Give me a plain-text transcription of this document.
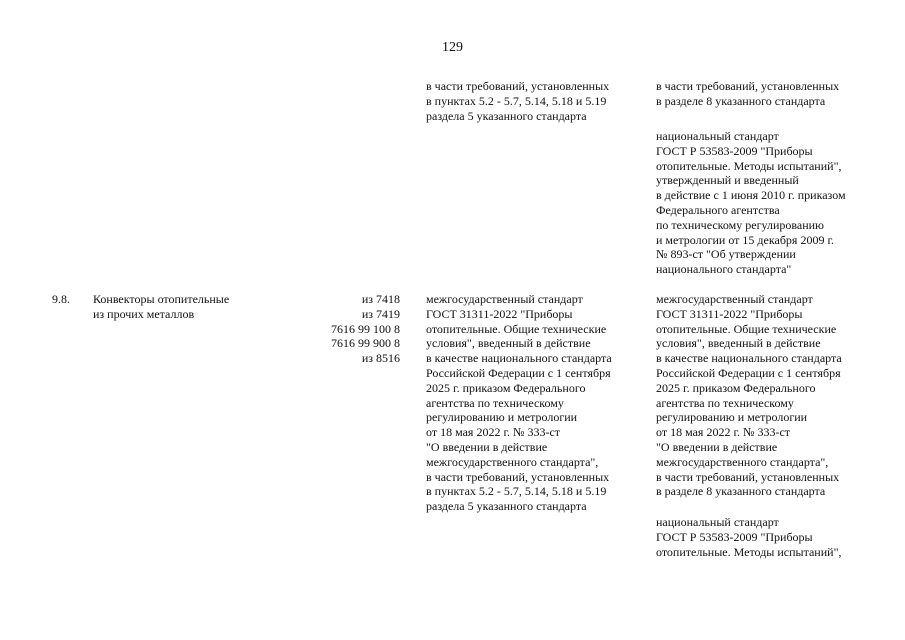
129
в части требований, установленных
в пунктах 5.2 - 5.7, 5.14, 5.18 и 5.19
раздела 5 указанного стандарта
в части требований, установленных
в разделе 8 указанного стандарта
национальный стандарт
ГОСТ Р 53583-2009 "Приборы
отопительные. Методы испытаний",
утвержденный и введенный
в действие с 1 июня 2010 г. приказом
Федерального агентства
по техническому регулированию
и метрологии от 15 декабря 2009 г.
№ 893-ст "Об утверждении
национального стандарта"
9.8. Конвекторы отопительные
из прочих металлов
из 7418
из 7419
7616 99 100 8
7616 99 900 8
из 8516
межгосударственный стандарт
ГОСТ 31311-2022 "Приборы
отопительные. Общие технические
условия", введенный в действие
в качестве национального стандарта
Российской Федерации с 1 сентября
2025 г. приказом Федерального
агентства по техническому
регулированию и метрологии
от 18 мая 2022 г. № 333-ст
"О введении в действие
межгосударственного стандарта",
в части требований, установленных
в пунктах 5.2 - 5.7, 5.14, 5.18 и 5.19
раздела 5 указанного стандарта
межгосударственный стандарт
ГОСТ 31311-2022 "Приборы
отопительные. Общие технические
условия", введенный в действие
в качестве национального стандарта
Российской Федерации с 1 сентября
2025 г. приказом Федерального
агентства по техническому
регулированию и метрологии
от 18 мая 2022 г. № 333-ст
"О введении в действие
межгосударственного стандарта",
в части требований, установленных
в разделе 8 указанного стандарта
национальный стандарт
ГОСТ Р 53583-2009 "Приборы
отопительные. Методы испытаний",
